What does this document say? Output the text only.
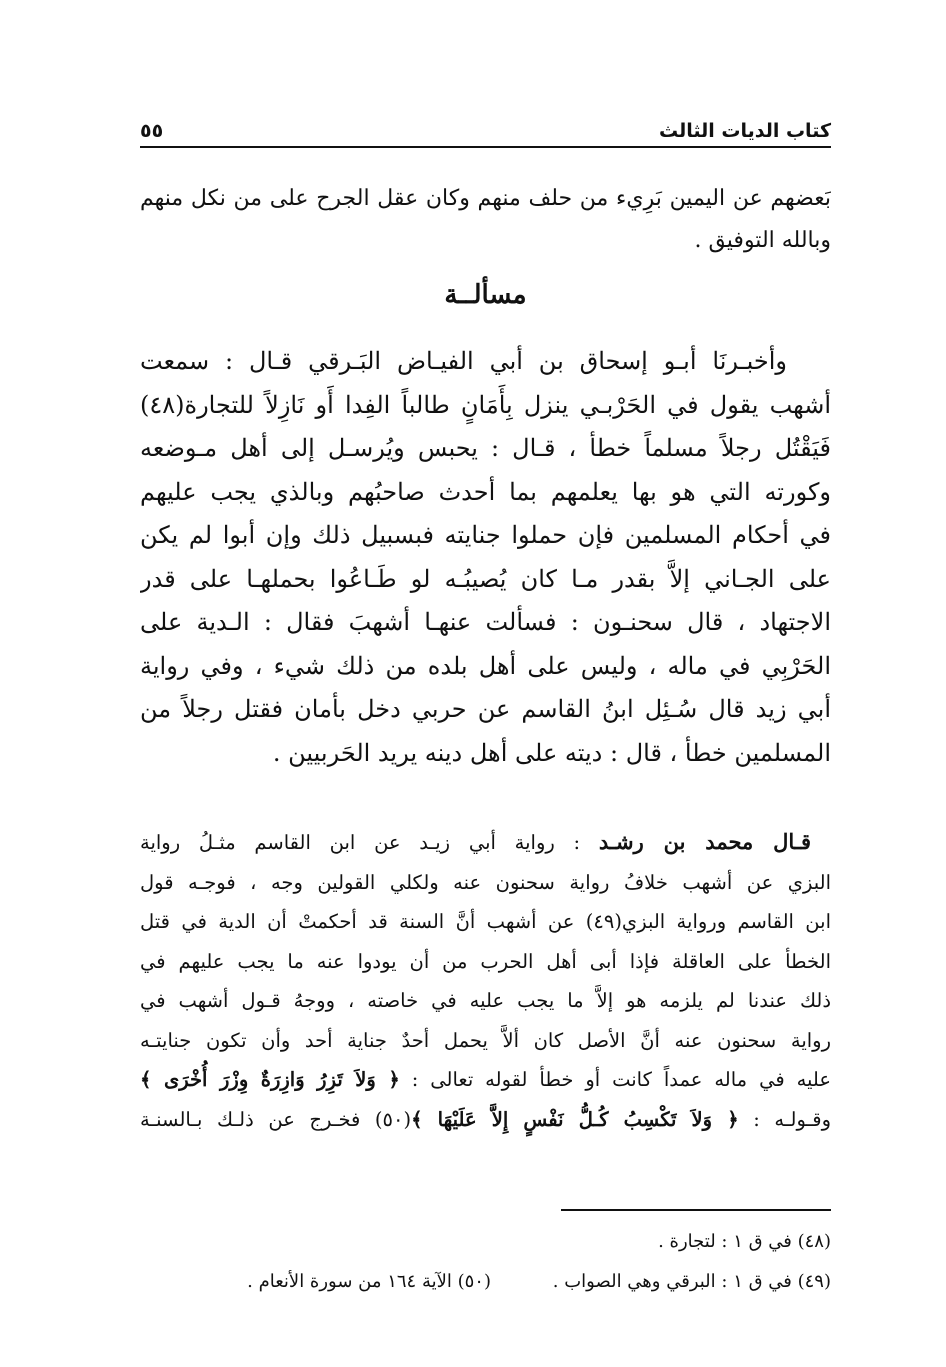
كتاب الديات الثالث
٥٥
بَعضهم عن اليمين بَرِيء من حلف منهم وكان عقل الجرح على من نكل منهم
وبالله التوفيق .
مسألــة
وأخبـرنَا أبـو إسحاق بن أبي الفيـاض البَـرقي قـال : سمعت
أشهب يقول في الحَرْبـي ينزل بِأَمَانٍ طالباً الفِدا أَو نَازِلاً للتجارة(٤٨)
فَيَقْتُل رجلاً مسلماً خطأ ، قـال : يحبس ويُرسـل إلى أهل مـوضعه
وكورته التي هو بها يعلمهم بما أحدث صاحبُهم وبالذي يجب عليهم
في أحكام المسلمين فإن حملوا جنايته فبسبيل ذلك وإن أبوا لم يكن
على الجـاني إلاَّ بقدر مـا كان يُصيبُـه لو طَـاعُوا بحملهـا على قدر
الاجتهاد ، قال سحنـون : فسألت عنهـا أشهبَ فقال : الـدية على
الحَرْبِي في ماله ، وليس على أهل بلده من ذلك شيء ، وفي رواية
أبي زيد قال سُـئِل ابنُ القاسم عن حربي دخل بأمان فقتل رجلاً من
المسلمين خطأ ، قال : ديته على أهل دينه يريد الحَربيين .
قـال محمد بن رشـد : رواية أبي زيـد عن ابن القاسم مثـلُ رواية
البزي عن أشهب خلافُ رواية سحنون عنه ولكلي القولين وجه ، فوجـه قول
ابن القاسم ورواية البزي(٤٩) عن أشهب أنَّ السنة قد أحكمتْ أن الدية في قتل
الخطأ على العاقلة فإذا أبى أهل الحرب من أن يودوا عنه ما يجب عليهم في
ذلك عندنا لم يلزمه هو إلاَّ ما يجب عليه في خاصته ، ووجهُ قـول أشهب في
رواية سحنون عنه أنَّ الأصل كان ألاَّ يحمل أحدٌ جناية أحد وأن تكون جنايتـه
عليه في ماله عمداً كانت أو خطأ لقوله تعالى : ﴿ وَلاَ تَزِرُ وَازِرَةٌ وِزْرَ أُخْرَى ﴾
وقـولـه : ﴿ وَلاَ تَكْسِبُ كُـلُّ نَفْسٍ إِلاَّ عَلَيْهَا ﴾(٥٠) فخـرج عن ذلـك بـالسنـة
(٤٨) في ق ١ : لتجارة .
(٤٩) في ق ١ : البرقي وهي الصواب .
(٥٠) الآية ١٦٤ من سورة الأنعام .
